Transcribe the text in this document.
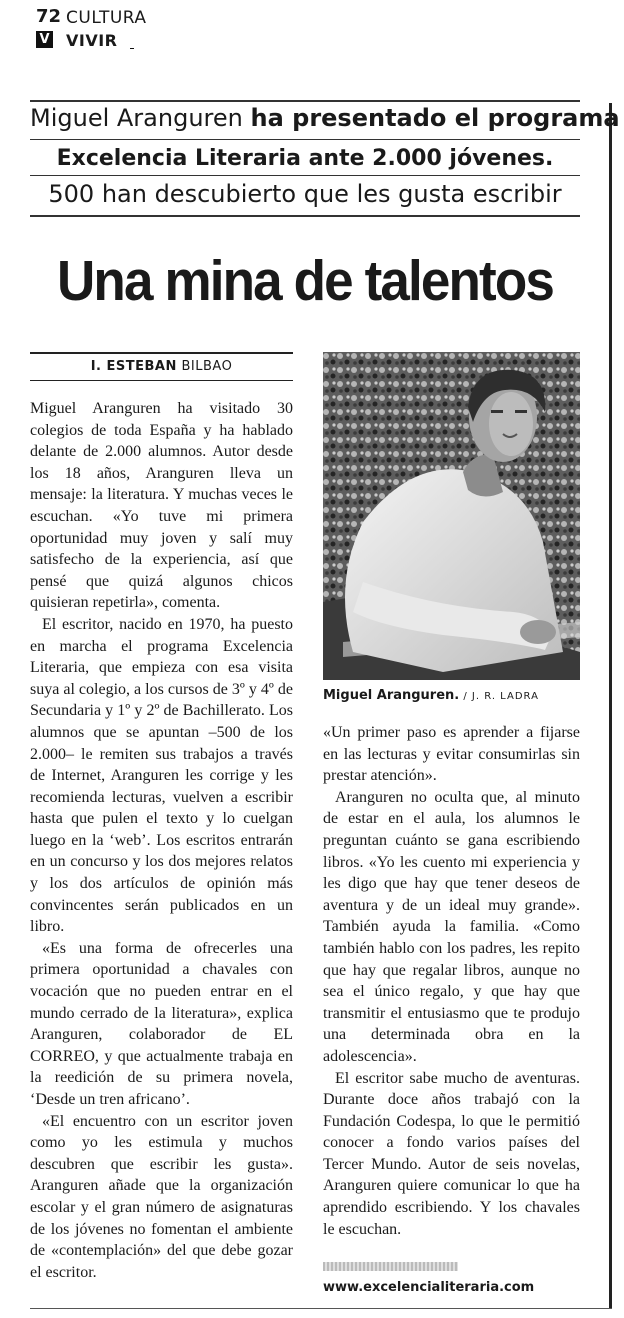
72 CULTURA
V VIVIR
Miguel Aranguren ha presentado el programa
Excelencia Literaria ante 2.000 jóvenes.
500 han descubierto que les gusta escribir
Una mina de talentos
I. ESTEBAN BILBAO

Miguel Aranguren ha visitado 30 colegios de toda España y ha hablado delante de 2.000 alumnos. Autor desde los 18 años, Aranguren lleva un mensaje: la literatura. Y muchas veces le escuchan. «Yo tuve mi primera oportunidad muy joven y salí muy satisfecho de la experiencia, así que pensé que quizá algunos chicos quisieran repetirla», comenta.

El escritor, nacido en 1970, ha puesto en marcha el programa Excelencia Literaria, que empieza con esa visita suya al colegio, a los cursos de 3º y 4º de Secundaria y 1º y 2º de Bachillerato. Los alumnos que se apuntan –500 de los 2.000– le remiten sus trabajos a través de Internet, Aranguren les corrige y les recomienda lecturas, vuelven a escribir hasta que pulen el texto y lo cuelgan luego en la ‘web’. Los escritos entrarán en un concurso y los dos mejores relatos y los dos artículos de opinión más convincentes serán publicados en un libro.

«Es una forma de ofrecerles una primera oportunidad a chavales con vocación que no pueden entrar en el mundo cerrado de la literatura», explica Aranguren, colaborador de EL CORREO, y que actualmente trabaja en la reedición de su primera novela, ‘Desde un tren africano’.

«El encuentro con un escritor joven como yo les estimula y muchos descubren que escribir les gusta». Aranguren añade que la organización escolar y el gran número de asignaturas de los jóvenes no fomentan el ambiente de «contemplación» del que debe gozar el escritor.

Miguel Aranguren. / J. R. LADRA

«Un primer paso es aprender a fijarse en las lecturas y evitar consumirlas sin prestar atención».

Aranguren no oculta que, al minuto de estar en el aula, los alumnos le preguntan cuánto se gana escribiendo libros. «Yo les cuento mi experiencia y les digo que hay que tener deseos de aventura y de un ideal muy grande». También ayuda la familia. «Como también hablo con los padres, les repito que hay que regalar libros, aunque no sea el único regalo, y que hay que transmitir el entusiasmo que te produjo una determinada obra en la adolescencia».

El escritor sabe mucho de aventuras. Durante doce años trabajó con la Fundación Codespa, lo que le permitió conocer a fondo varios países del Tercer Mundo. Autor de seis novelas, Aranguren quiere comunicar lo que ha aprendido escribiendo. Y los chavales le escuchan.

www.excelencialiteraria.com
